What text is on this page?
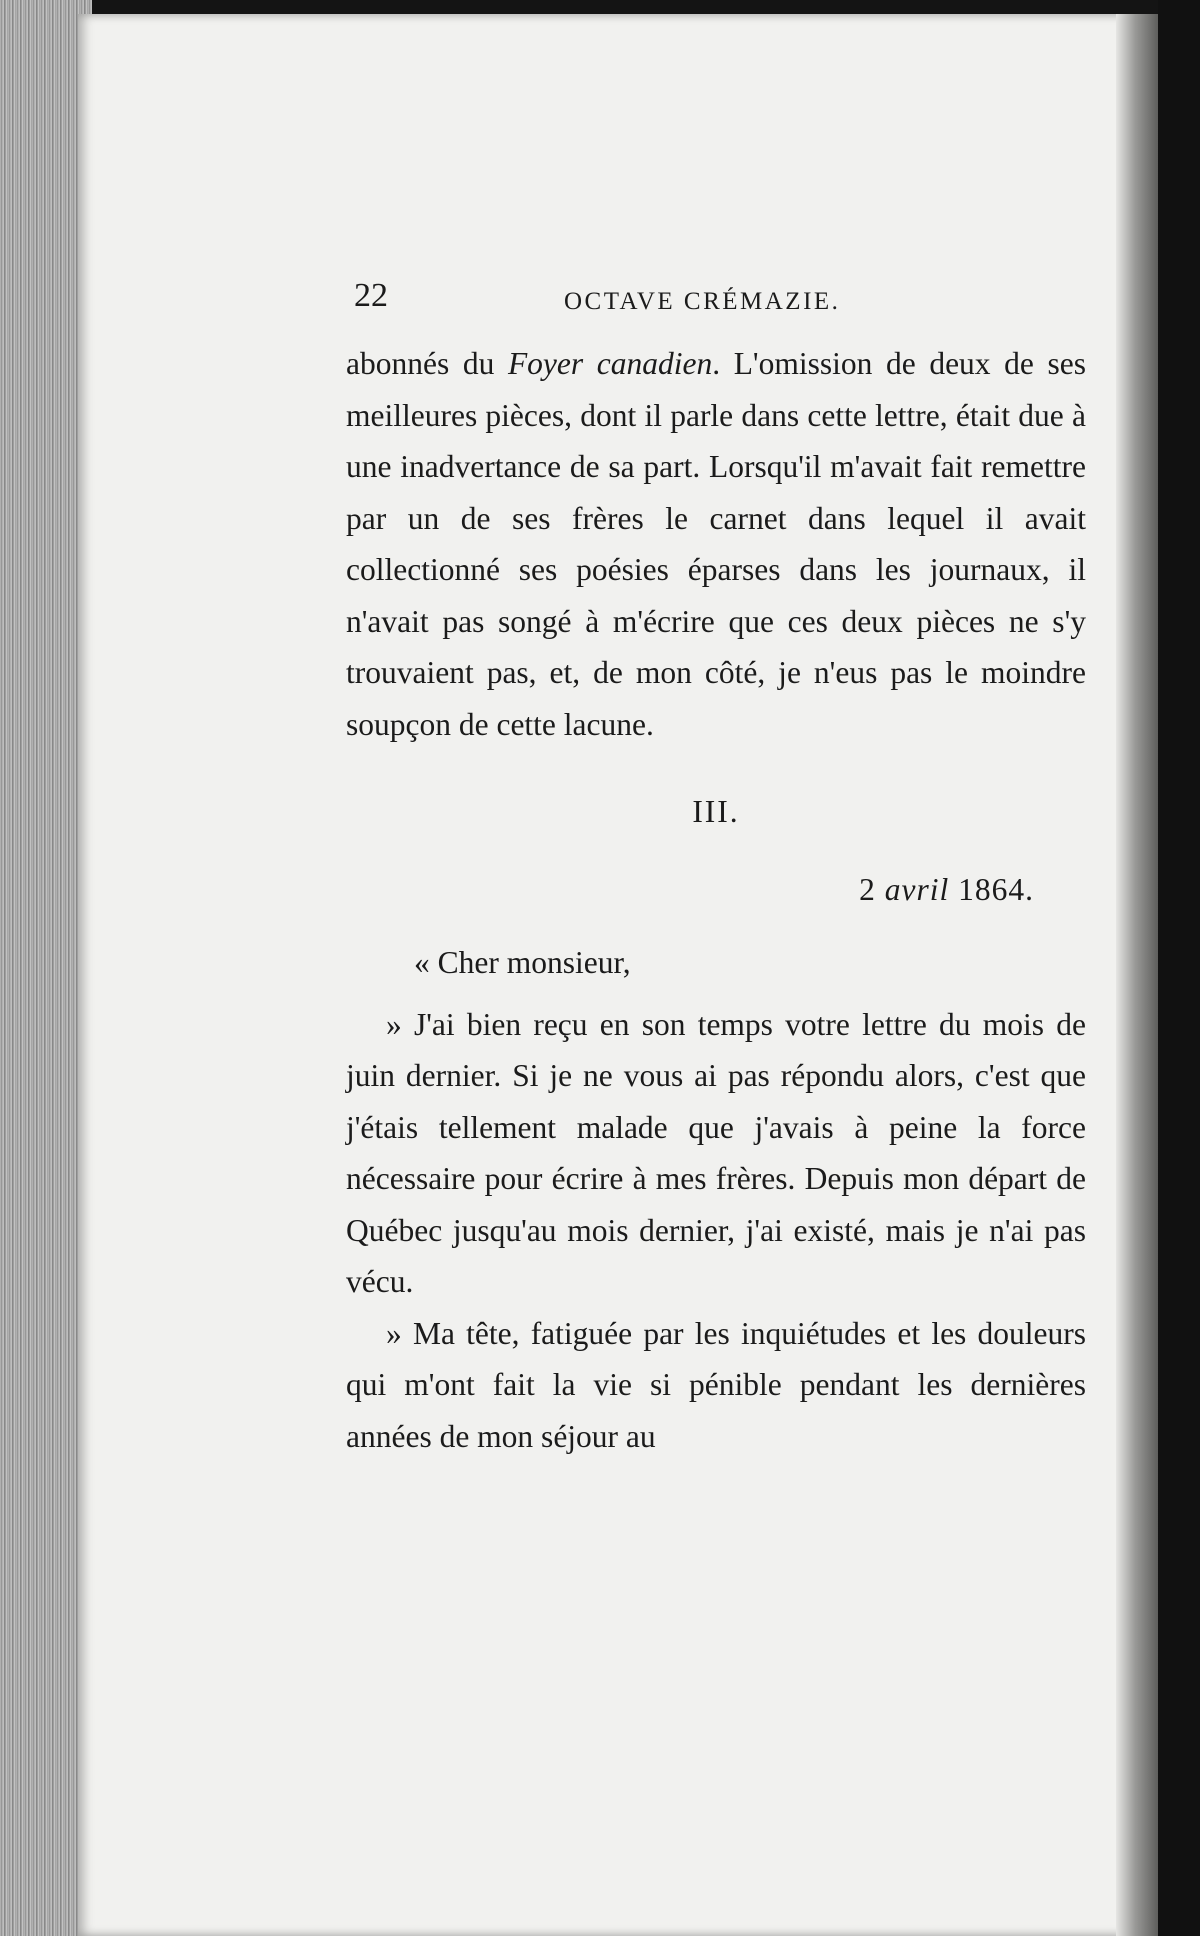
22	OCTAVE CRÉMAZIE.

abonnés du Foyer canadien. L'omission de deux de ses meilleures pièces, dont il parle dans cette lettre, était due à une inadvertance de sa part. Lorsqu'il m'avait fait remettre par un de ses frères le carnet dans lequel il avait collectionné ses poésies éparses dans les journaux, il n'avait pas songé à m'écrire que ces deux pièces ne s'y trouvaient pas, et, de mon côté, je n'eus pas le moindre soupçon de cette lacune.

III.

2 avril 1864.

« Cher monsieur,

» J'ai bien reçu en son temps votre lettre du mois de juin dernier. Si je ne vous ai pas répondu alors, c'est que j'étais tellement malade que j'avais à peine la force nécessaire pour écrire à mes frères. Depuis mon départ de Québec jusqu'au mois dernier, j'ai existé, mais je n'ai pas vécu.

» Ma tête, fatiguée par les inquiétudes et les douleurs qui m'ont fait la vie si pénible pendant les dernières années de mon séjour au
